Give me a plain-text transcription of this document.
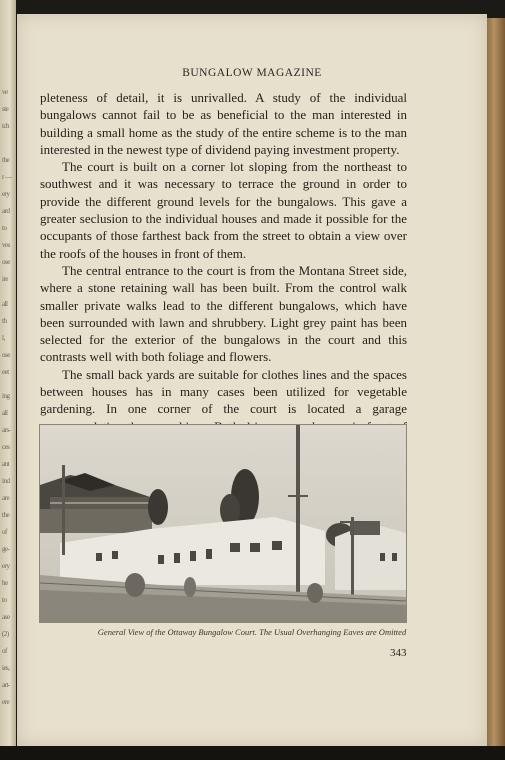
ve
ste
tch
the
r —
ery
ard
to
ves
ose
ire
all
th
l,
ose
eet
ing
all
ars-
ces
ant
ind
are
the
of
ge-
ery
he
to
ase
(2)
of
ies,
art-
ere
BUNGALOW MAGAZINE

pleteness of detail, it is unrivalled. A study of the individual bungalows cannot fail to be as beneficial to the man interested in building a small home as the study of the entire scheme is to the man interested in the newest type of dividend paying investment property.

The court is built on a corner lot sloping from the northeast to southwest and it was necessary to terrace the ground in order to provide the different ground levels for the bungalows. This gave a greater seclusion to the individual houses and made it possible for the occupants of those farthest back from the street to obtain a view over the roofs of the houses in front of them.

The central entrance to the court is from the Montana Street side, where a stone retaining wall has been built. From the control walk smaller private walks lead to the different bungalows, which have been surrounded with lawn and shrubbery. Light grey paint has been selected for the exterior of the bungalows in the court and this contrasts well with both foliage and flowers.

The small back yards are suitable for clothes lines and the spaces between houses has in many cases been utilized for vegetable gardening. In one corner of the court is located a garage

General View of the Ottaway Bungalow Court. The Usual Overhanging Eaves are Omitted
343
